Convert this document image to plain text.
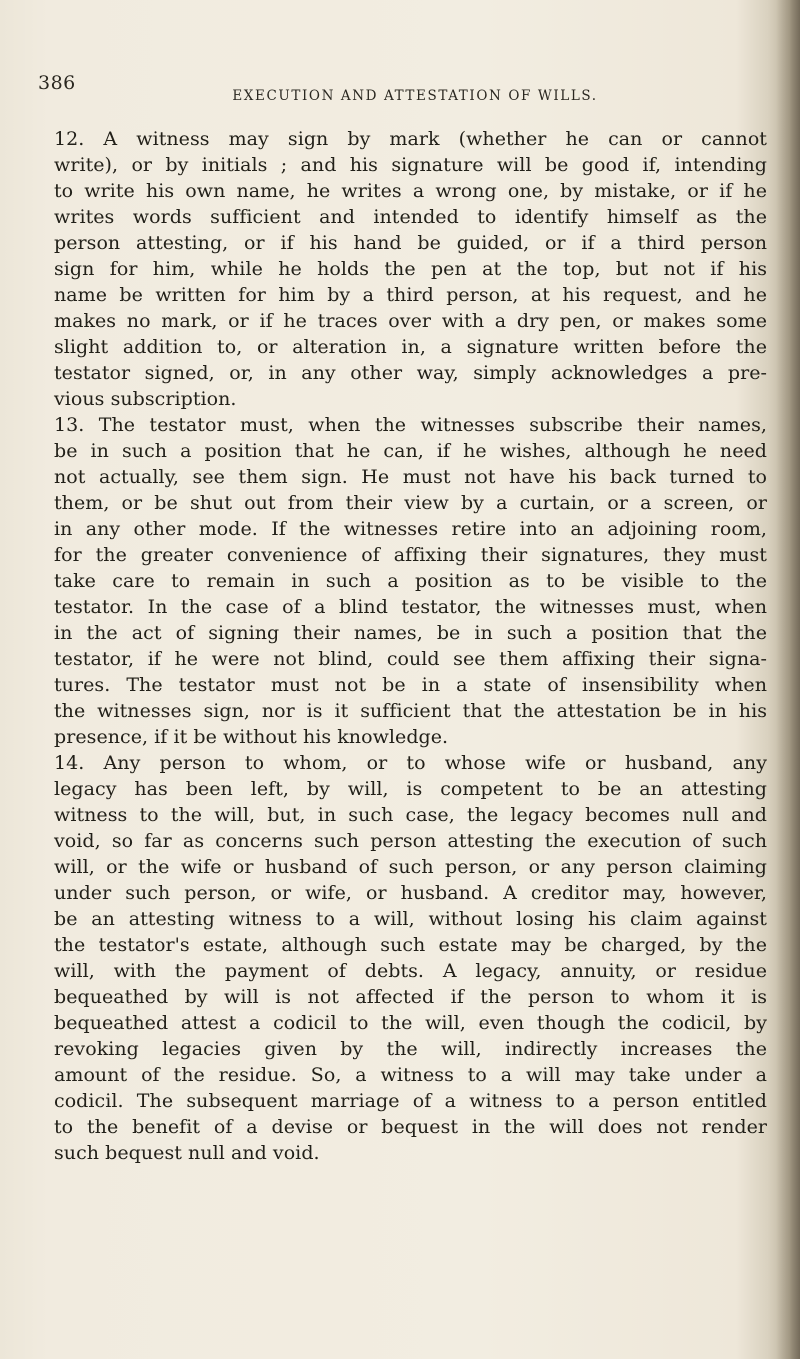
386
EXECUTION AND ATTESTATION OF WILLS.
12. A witness may sign by mark (whether he can or cannot
write), or by initials ; and his signature will be good if, intending
to write his own name, he writes a wrong one, by mistake, or if he
writes words sufficient and intended to identify himself as the
person attesting, or if his hand be guided, or if a third person
sign for him, while he holds the pen at the top, but not if his
name be written for him by a third person, at his request, and he
makes no mark, or if he traces over with a dry pen, or makes some
slight addition to, or alteration in, a signature written before the
testator signed, or, in any other way, simply acknowledges a pre-
vious subscription.
13. The testator must, when the witnesses subscribe their names,
be in such a position that he can, if he wishes, although he need
not actually, see them sign. He must not have his back turned to
them, or be shut out from their view by a curtain, or a screen, or
in any other mode. If the witnesses retire into an adjoining room,
for the greater convenience of affixing their signatures, they must
take care to remain in such a position as to be visible to the
testator. In the case of a blind testator, the witnesses must, when
in the act of signing their names, be in such a position that the
testator, if he were not blind, could see them affixing their signa-
tures. The testator must not be in a state of insensibility when
the witnesses sign, nor is it sufficient that the attestation be in his
presence, if it be without his knowledge.
14. Any person to whom, or to whose wife or husband, any
legacy has been left, by will, is competent to be an attesting
witness to the will, but, in such case, the legacy becomes null and
void, so far as concerns such person attesting the execution of such
will, or the wife or husband of such person, or any person claiming
under such person, or wife, or husband. A creditor may, however,
be an attesting witness to a will, without losing his claim against
the testator's estate, although such estate may be charged, by the
will, with the payment of debts. A legacy, annuity, or residue
bequeathed by will is not affected if the person to whom it is
bequeathed attest a codicil to the will, even though the codicil, by
revoking legacies given by the will, indirectly increases the
amount of the residue. So, a witness to a will may take under a
codicil. The subsequent marriage of a witness to a person entitled
to the benefit of a devise or bequest in the will does not render
such bequest null and void.
